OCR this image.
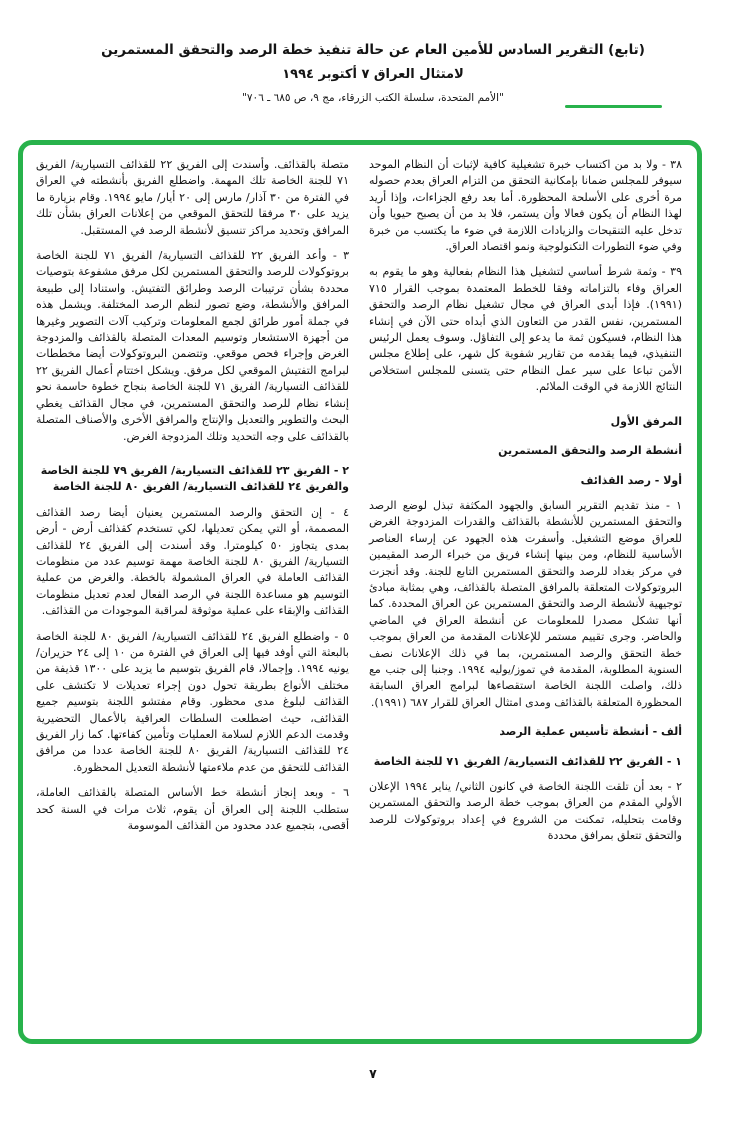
(تابع) التقرير السادس للأمين العام عن حالة تنفيذ خطة الرصد والتحقق المستمرين
لامتثال العراق ٧ أكتوبر ١٩٩٤
"الأمم المتحدة، سلسلة الكتب الزرقاء، مج ٩، ص ٦٨٥ ـ ٧٠٦"

٣٨ - ولا بد من اكتساب خبرة تشغيلية كافية لإثبات أن النظام الموحد سيوفر للمجلس ضمانا بإمكانية التحقق من التزام العراق بعدم حصوله مرة أخرى على الأسلحة المحظورة. أما بعد رفع الجزاءات، وإذا أريد لهذا النظام أن يكون فعالا وأن يستمر، فلا بد من أن يصبح حيويا وأن تدخل عليه التنقيحات والزيادات اللازمة في ضوء ما يكتسب من خبرة وفي ضوء التطورات التكنولوجية ونمو اقتصاد العراق.

٣٩ - وثمة شرط أساسي لتشغيل هذا النظام بفعالية وهو ما يقوم به العراق وفاء بالتزاماته وفقا للخطط المعتمدة بموجب القرار ٧١٥ (١٩٩١). فإذا أبدى العراق في مجال تشغيل نظام الرصد والتحقق المستمرين، نفس القدر من التعاون الذي أبداه حتى الآن في إنشاء هذا النظام، فسيكون ثمة ما يدعو إلى التفاؤل. وسوف يعمل الرئيس التنفيذي، فيما يقدمه من تقارير شفوية كل شهر، على إطلاع مجلس الأمن تباعا على سير عمل النظام حتى يتسنى للمجلس استخلاص النتائج اللازمة في الوقت الملائم.

المرفق الأول

أنشطة الرصد والتحقق المستمرين

أولا - رصد القذائف

١ - منذ تقديم التقرير السابق والجهود المكثفة تبذل لوضع الرصد والتحقق المستمرين للأنشطة بالقذائف والقدرات المزدوجة الغرض للعراق موضع التشغيل. وأسفرت هذه الجهود عن إرساء العناصر الأساسية للنظام، ومن بينها إنشاء فريق من خبراء الرصد المقيمين في مركز بغداد للرصد والتحقق المستمرين التابع للجنة. وقد أنجزت البروتوكولات المتعلقة بالمرافق المتصلة بالقذائف، وهي بمثابة مبادئ توجيهية لأنشطة الرصد والتحقق المستمرين عن العراق المحددة. كما أنها تشكل مصدرا للمعلومات عن أنشطة العراق في الماضي والحاضر. وجرى تقييم مستمر للإعلانات المقدمة من العراق بموجب خطة التحقق والرصد المستمرين، بما في ذلك الإعلانات نصف السنوية المطلوبة، المقدمة في تموز/يوليه ١٩٩٤. وجنبا إلى جنب مع ذلك، واصلت اللجنة الخاصة استقصاءها لبرامج العراق السابقة المحظورة المتعلقة بالقذائف ومدى امتثال العراق للقرار ٦٨٧ (١٩٩١).

ألف - أنشطة تأسيس عملية الرصد

١ - الفريق ٢٢ للقذائف التسيارية/ الفريق ٧١ للجنة الخاصة

٢ - بعد أن تلقت اللجنة الخاصة في كانون الثاني/ يناير ١٩٩٤ الإعلان الأولي المقدم من العراق بموجب خطة الرصد والتحقق المستمرين وقامت بتحليله، تمكنت من الشروع في إعداد بروتوكولات للرصد والتحقق تتعلق بمرافق محددة

متصلة بالقذائف. وأسندت إلى الفريق ٢٢ للقذائف التسيارية/ الفريق ٧١ للجنة الخاصة تلك المهمة. واضطلع الفريق بأنشطته في العراق في الفترة من ٣٠ آذار/ مارس إلى ٢٠ أيار/ مايو ١٩٩٤. وقام بزيارة ما يزيد على ٣٠ مرفقا للتحقق الموقعي من إعلانات العراق بشأن تلك المرافق وتحديد مراكز تنسيق لأنشطة الرصد في المستقبل.

٣ - وأعد الفريق ٢٢ للقذائف التسيارية/ الفريق ٧١ للجنة الخاصة بروتوكولات للرصد والتحقق المستمرين لكل مرفق مشفوعة بتوصيات محددة بشأن ترتيبات الرصد وطرائق التفتيش. واستنادا إلى طبيعة المرافق والأنشطة، وضع تصور لنظم الرصد المختلفة. ويشمل هذه في جملة أمور طرائق لجمع المعلومات وتركيب آلات التصوير وغيرها من أجهزة الاستشعار وتوسيم المعدات المتصلة بالقذائف والمزدوجة الغرض وإجراء فحص موقعي. وتتضمن البروتوكولات أيضا مخططات لبرامج التفتيش الموقعي لكل مرفق. ويشكل اختتام أعمال الفريق ٢٢ للقذائف التسيارية/ الفريق ٧١ للجنة الخاصة بنجاح خطوة حاسمة نحو إنشاء نظام للرصد والتحقق المستمرين، في مجال القذائف يغطي البحث والتطوير والتعديل والإنتاج والمرافق الأخرى والأصناف المتصلة بالقذائف على وجه التحديد وتلك المزدوجة الغرض.

٢ - الفريق ٢٣ للقذائف التسيارية/ الفريق ٧٩ للجنة الخاصة والفريق ٢٤ للقذائف التسيارية/ الفريق ٨٠ للجنة الخاصة

٤ - إن التحقق والرصد المستمرين يعنيان أيضا رصد القذائف المصممة، أو التي يمكن تعديلها، لكي تستخدم كقذائف أرض - أرض بمدى يتجاوز ٥٠ كيلومترا. وقد أسندت إلى الفريق ٢٤ للقذائف التسيارية/ الفريق ٨٠ للجنة الخاصة مهمة توسيم عدد من منظومات القذائف العاملة في العراق المشمولة بالخطة. والغرض من عملية التوسيم هو مساعدة اللجنة في الرصد الفعال لعدم تعديل منظومات القذائف والإبقاء على عملية موثوقة لمراقبة الموجودات من القذائف.

٥ - واضطلع الفريق ٢٤ للقذائف التسيارية/ الفريق ٨٠ للجنة الخاصة بالبعثة التي أوفد فيها إلى العراق في الفترة من ١٠ إلى ٢٤ حزيران/ يونيه ١٩٩٤. وإجمالا، قام الفريق بتوسيم ما يزيد على ١٣٠٠ قذيفة من مختلف الأنواع بطريقة تحول دون إجراء تعديلات لا تكتشف على القذائف لبلوغ مدى محظور. وقام مفتشو اللجنة بتوسيم جميع القذائف، حيث اضطلعت السلطات العراقية بالأعمال التحضيرية وقدمت الدعم اللازم لسلامة العمليات وتأمين كفاءتها. كما زار الفريق ٢٤ للقذائف التسيارية/ الفريق ٨٠ للجنة الخاصة عددا من مرافق القذائف للتحقق من عدم ملاءمتها لأنشطة التعديل المحظورة.

٦ - وبعد إنجاز أنشطة خط الأساس المتصلة بالقذائف العاملة، ستطلب اللجنة إلى العراق أن يقوم، ثلاث مرات في السنة كحد أقصى، بتجميع عدد محدود من القذائف الموسومة

٧
